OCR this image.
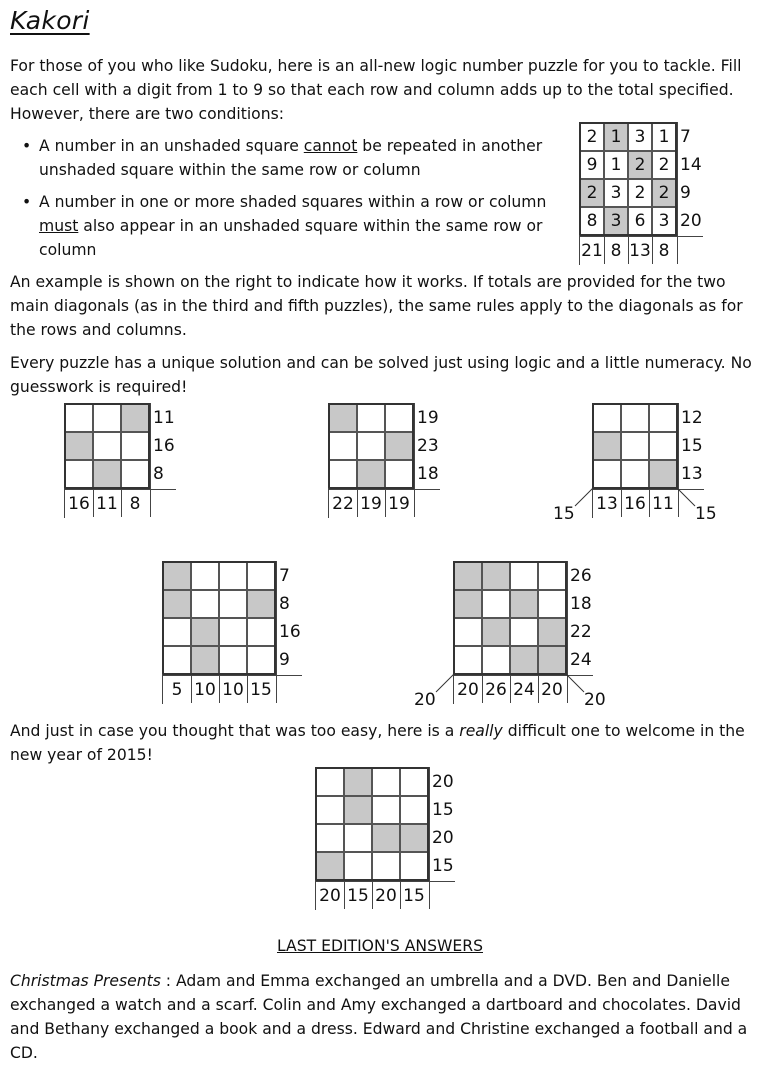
Kakori
For those of you who like Sudoku, here is an all-new logic number puzzle for you to tackle. Fill each cell with a digit from 1 to 9 so that each row and column adds up to the total specified. However, there are two conditions:
• A number in an unshaded square cannot be repeated in another unshaded square within the same row or column
• A number in one or more shaded squares within a row or column must also appear in an unshaded square within the same row or column
An example is shown on the right to indicate how it works. If totals are provided for the two main diagonals (as in the third and fifth puzzles), the same rules apply to the diagonals as for the rows and columns.
Every puzzle has a unique solution and can be solved just using logic and a little numeracy. No guesswork is required!
And just in case you thought that was too easy, here is a really difficult one to welcome in the new year of 2015!
LAST EDITION'S ANSWERS
Christmas Presents : Adam and Emma exchanged an umbrella and a DVD. Ben and Danielle exchanged a watch and a scarf. Colin and Amy exchanged a dartboard and chocolates. David and Bethany exchanged a book and a dress. Edward and Christine exchanged a football and a CD.
2 1 3 1
9 1 2 2
2 3 2 2
8 3 6 3
7
14
9
20
21 8 13 8
11
16
8
16 11 8
19
23
18
22 19 19
12
15
13
13 16 11
15	15
7
8
16
9
5 10 10 15
26
18
22
24
20 26 24 20
20	20
20
15
20
15
20 15 20 15
